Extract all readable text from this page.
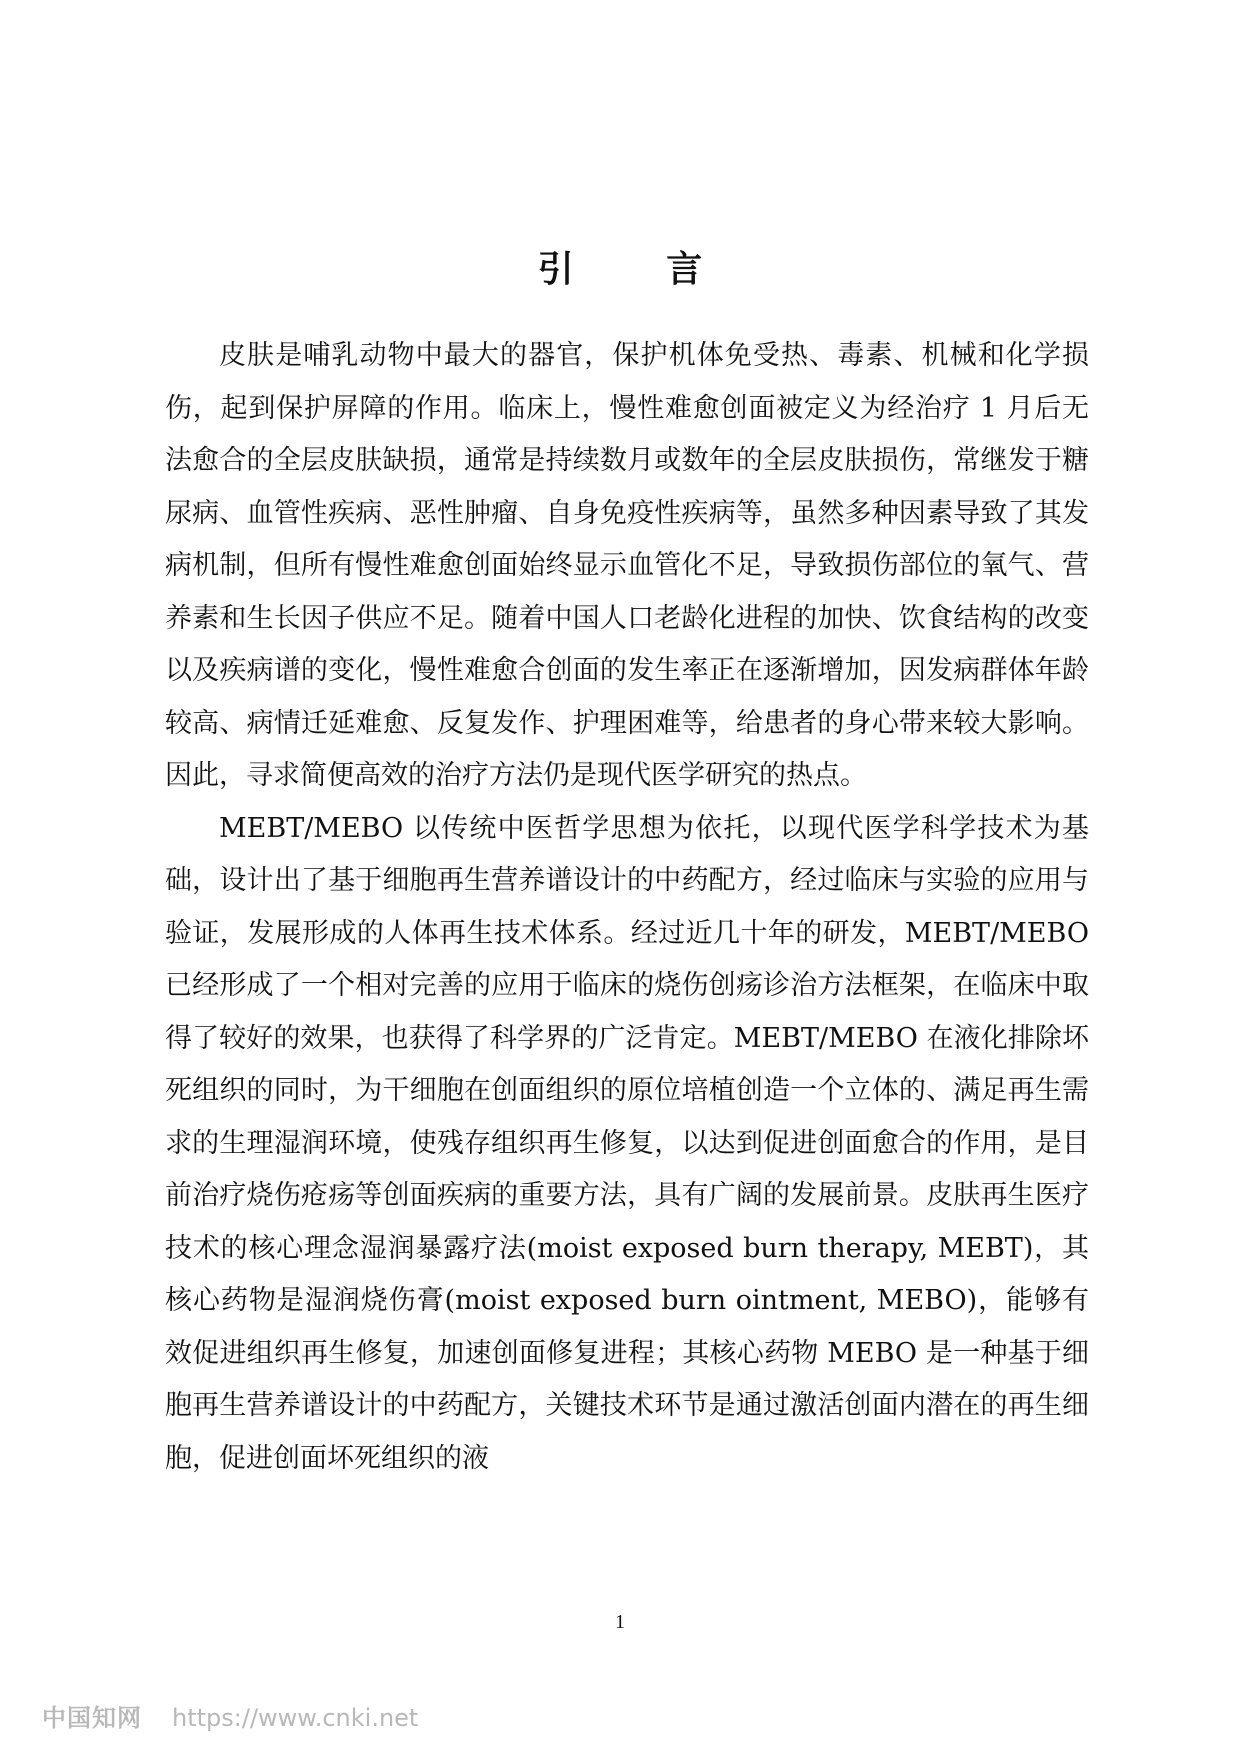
引 言

皮肤是哺乳动物中最大的器官，保护机体免受热、毒素、机械和化学损伤，起到保护屏障的作用。临床上，慢性难愈创面被定义为经治疗 1 月后无法愈合的全层皮肤缺损，通常是持续数月或数年的全层皮肤损伤，常继发于糖尿病、血管性疾病、恶性肿瘤、自身免疫性疾病等，虽然多种因素导致了其发病机制，但所有慢性难愈创面始终显示血管化不足，导致损伤部位的氧气、营养素和生长因子供应不足。随着中国人口老龄化进程的加快、饮食结构的改变以及疾病谱的变化，慢性难愈合创面的发生率正在逐渐增加，因发病群体年龄较高、病情迁延难愈、反复发作、护理困难等，给患者的身心带来较大影响。因此，寻求简便高效的治疗方法仍是现代医学研究的热点。

MEBT/MEBO 以传统中医哲学思想为依托，以现代医学科学技术为基础，设计出了基于细胞再生营养谱设计的中药配方，经过临床与实验的应用与验证，发展形成的人体再生技术体系。经过近几十年的研发，MEBT/MEBO 已经形成了一个相对完善的应用于临床的烧伤创疡诊治方法框架，在临床中取得了较好的效果，也获得了科学界的广泛肯定。MEBT/MEBO 在液化排除坏死组织的同时，为干细胞在创面组织的原位培植创造一个立体的、满足再生需求的生理湿润环境，使残存组织再生修复，以达到促进创面愈合的作用，是目前治疗烧伤疮疡等创面疾病的重要方法，具有广阔的发展前景。皮肤再生医疗技术的核心理念湿润暴露疗法(moist exposed burn therapy, MEBT)，其核心药物是湿润烧伤膏(moist exposed burn ointment, MEBO)，能够有效促进组织再生修复，加速创面修复进程；其核心药物 MEBO 是一种基于细胞再生营养谱设计的中药配方，关键技术环节是通过激活创面内潜在的再生细胞，促进创面坏死组织的液

1
中国知网 https://www.cnki.net
